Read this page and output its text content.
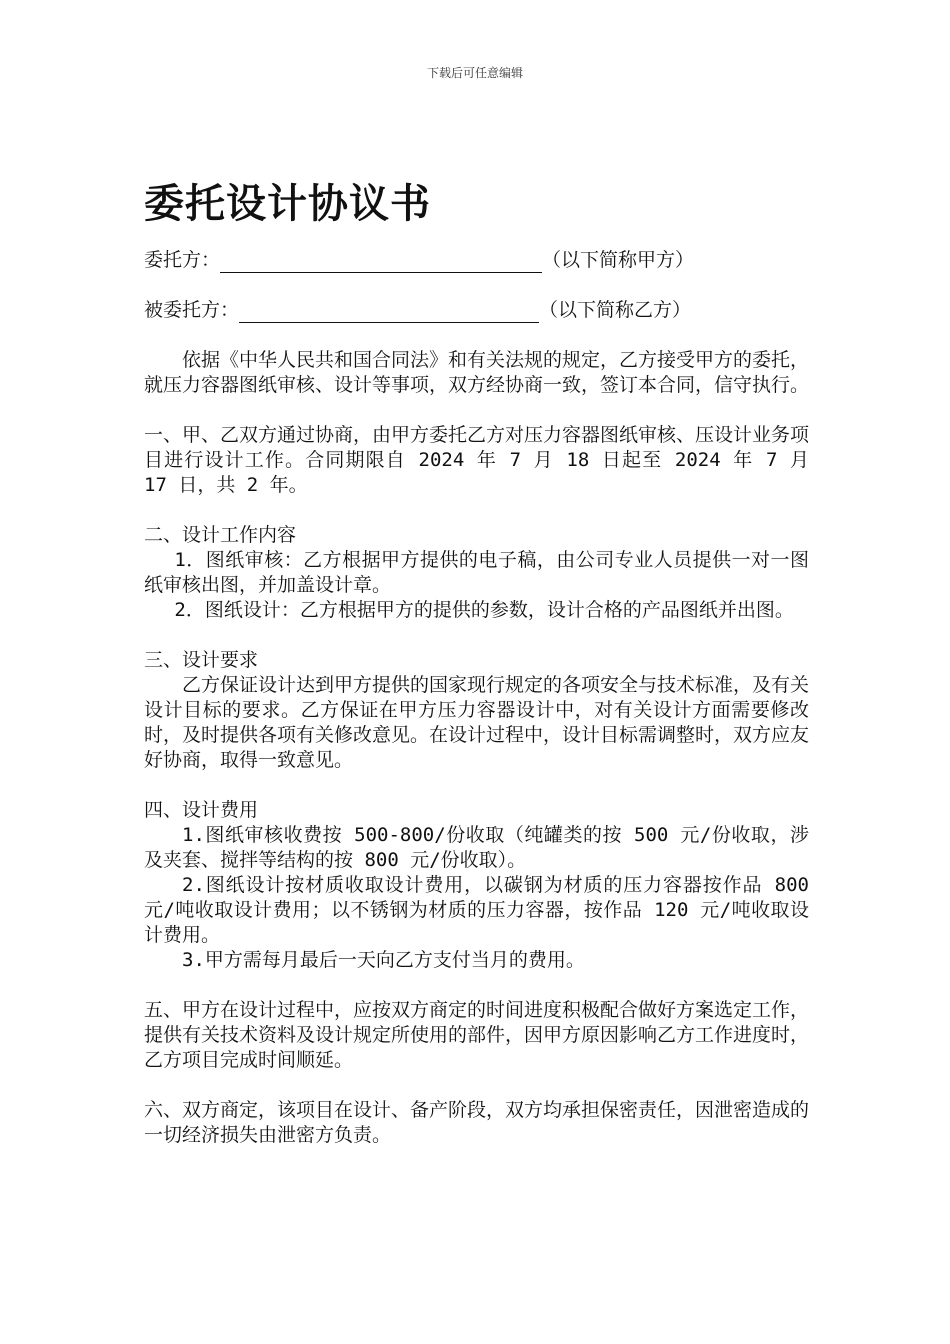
下载后可任意编辑
委托设计协议书
委托方：	（以下简称甲方）
被委托方：	（以下简称乙方）

依据《中华人民共和国合同法》和有关法规的规定，乙方接受甲方的委托，就压力容器图纸审核、设计等事项，双方经协商一致，签订本合同，信守执行。

一、甲、乙双方通过协商，由甲方委托乙方对压力容器图纸审核、压设计业务项目进行设计工作。合同期限自 2024 年 7 月 18 日起至 2024 年 7 月 17 日，共 2 年。

二、设计工作内容

1．图纸审核：乙方根据甲方提供的电子稿，由公司专业人员提供一对一图纸审核出图，并加盖设计章。

2．图纸设计：乙方根据甲方的提供的参数，设计合格的产品图纸并出图。

三、设计要求

乙方保证设计达到甲方提供的国家现行规定的各项安全与技术标准，及有关设计目标的要求。乙方保证在甲方压力容器设计中，对有关设计方面需要修改时，及时提供各项有关修改意见。在设计过程中，设计目标需调整时，双方应友好协商，取得一致意见。

四、设计费用

1.图纸审核收费按 500-800/份收取（纯罐类的按 500 元/份收取，涉及夹套、搅拌等结构的按 800 元/份收取）。

2.图纸设计按材质收取设计费用，以碳钢为材质的压力容器按作品 800 元/吨收取设计费用；以不锈钢为材质的压力容器，按作品 120 元/吨收取设计费用。

3.甲方需每月最后一天向乙方支付当月的费用。

五、甲方在设计过程中，应按双方商定的时间进度积极配合做好方案选定工作，提供有关技术资料及设计规定所使用的部件，因甲方原因影响乙方工作进度时，乙方项目完成时间顺延。

六、双方商定，该项目在设计、备产阶段，双方均承担保密责任，因泄密造成的一切经济损失由泄密方负责。
